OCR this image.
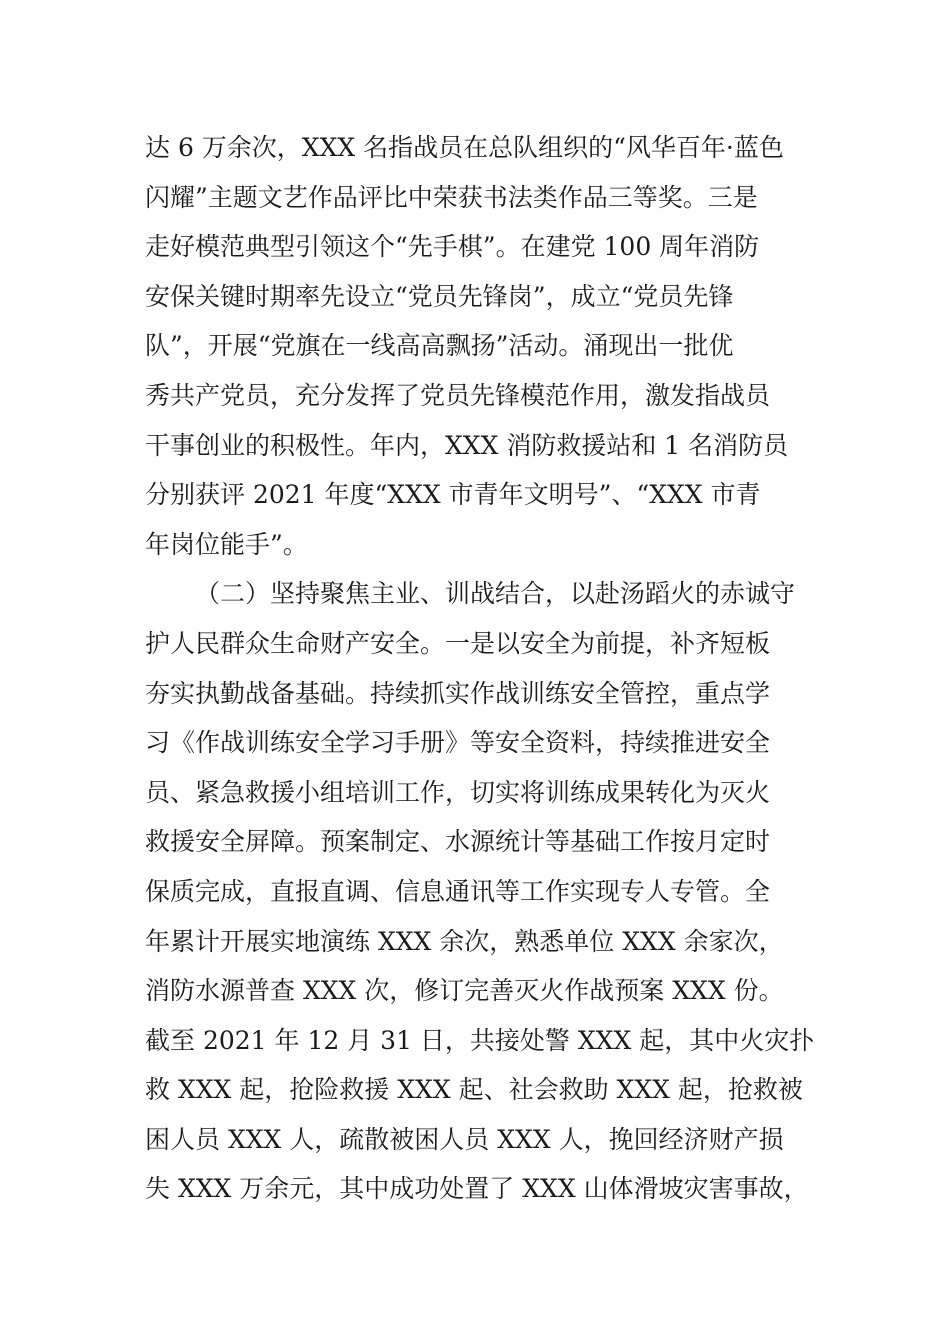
达 6 万余次，XXX 名指战员在总队组织的“风华百年·蓝色
闪耀”主题文艺作品评比中荣获书法类作品三等奖。三是
走好模范典型引领这个“先手棋”。在建党 100 周年消防
安保关键时期率先设立“党员先锋岗”，成立“党员先锋
队”，开展“党旗在一线高高飘扬”活动。涌现出一批优
秀共产党员，充分发挥了党员先锋模范作用，激发指战员
干事创业的积极性。年内，XXX 消防救援站和 1 名消防员
分别获评 2021 年度“XXX 市青年文明号”、“XXX 市青
年岗位能手”。
（二）坚持聚焦主业、训战结合，以赴汤蹈火的赤诚守
护人民群众生命财产安全。一是以安全为前提，补齐短板
夯实执勤战备基础。持续抓实作战训练安全管控，重点学
习《作战训练安全学习手册》等安全资料，持续推进安全
员、紧急救援小组培训工作，切实将训练成果转化为灭火
救援安全屏障。预案制定、水源统计等基础工作按月定时
保质完成，直报直调、信息通讯等工作实现专人专管。全
年累计开展实地演练 XXX 余次，熟悉单位 XXX 余家次，
消防水源普查 XXX 次，修订完善灭火作战预案 XXX 份。
截至 2021 年 12 月 31 日，共接处警 XXX 起，其中火灾扑
救 XXX 起，抢险救援 XXX 起、社会救助 XXX 起，抢救被
困人员 XXX 人，疏散被困人员 XXX 人，挽回经济财产损
失 XXX 万余元，其中成功处置了 XXX 山体滑坡灾害事故，
